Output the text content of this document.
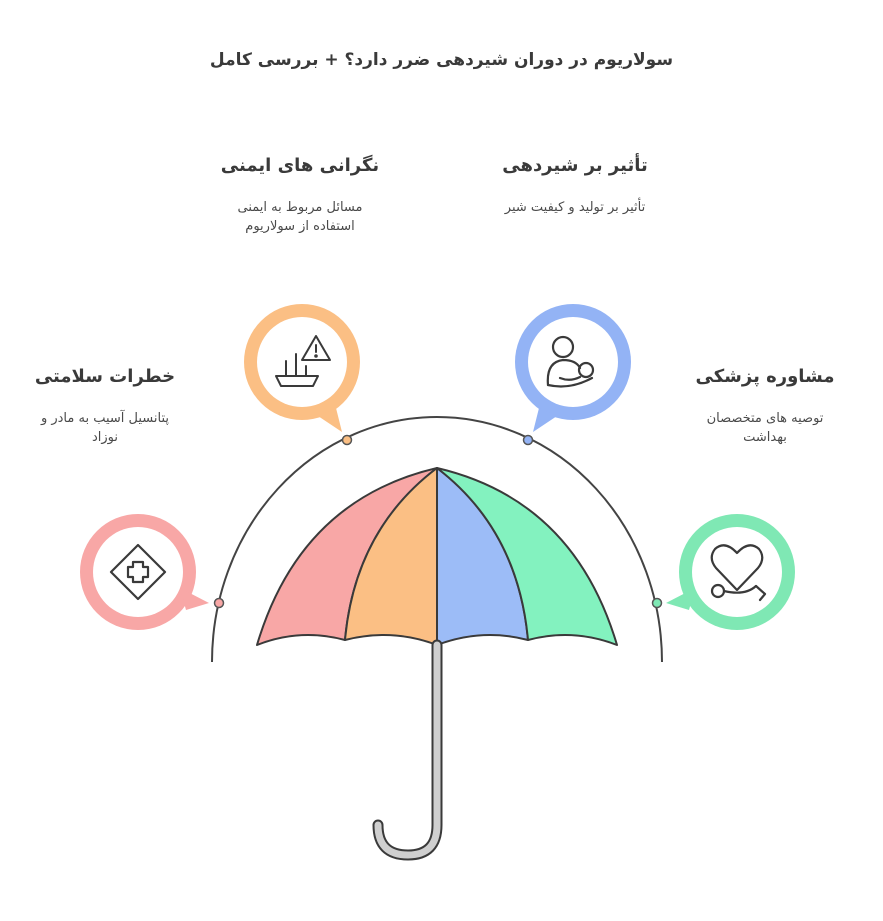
سولاریوم در دوران شیردهی ضرر دارد؟ + بررسی کامل
خطرات سلامتی
پتانسیل آسیب به مادر و نوزاد
نگرانی های ایمنی
مسائل مربوط به ایمنی استفاده از سولاریوم
تأثیر بر شیردهی
تأثیر بر تولید و کیفیت شیر
مشاوره پزشکی
توصیه های متخصصان بهداشت
